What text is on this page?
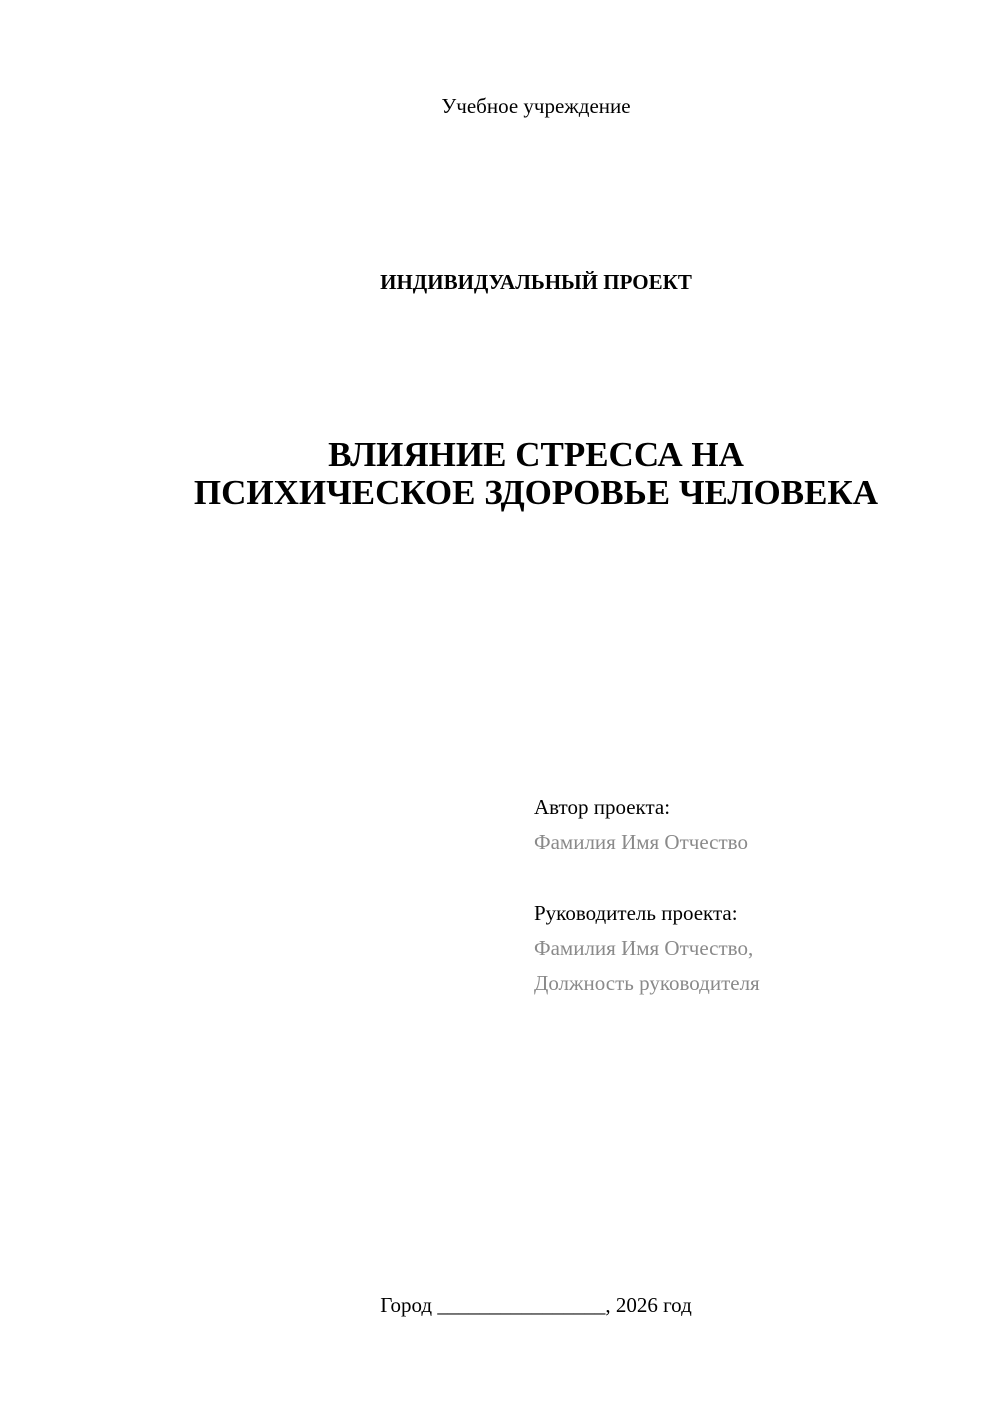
Учебное учреждение
ИНДИВИДУАЛЬНЫЙ ПРОЕКТ
ВЛИЯНИЕ СТРЕССА НА
ПСИХИЧЕСКОЕ ЗДОРОВЬЕ ЧЕЛОВЕКА
Автор проекта:
Фамилия Имя Отчество
Руководитель проекта:
Фамилия Имя Отчество,
Должность руководителя
Город ________________, 2026 год
